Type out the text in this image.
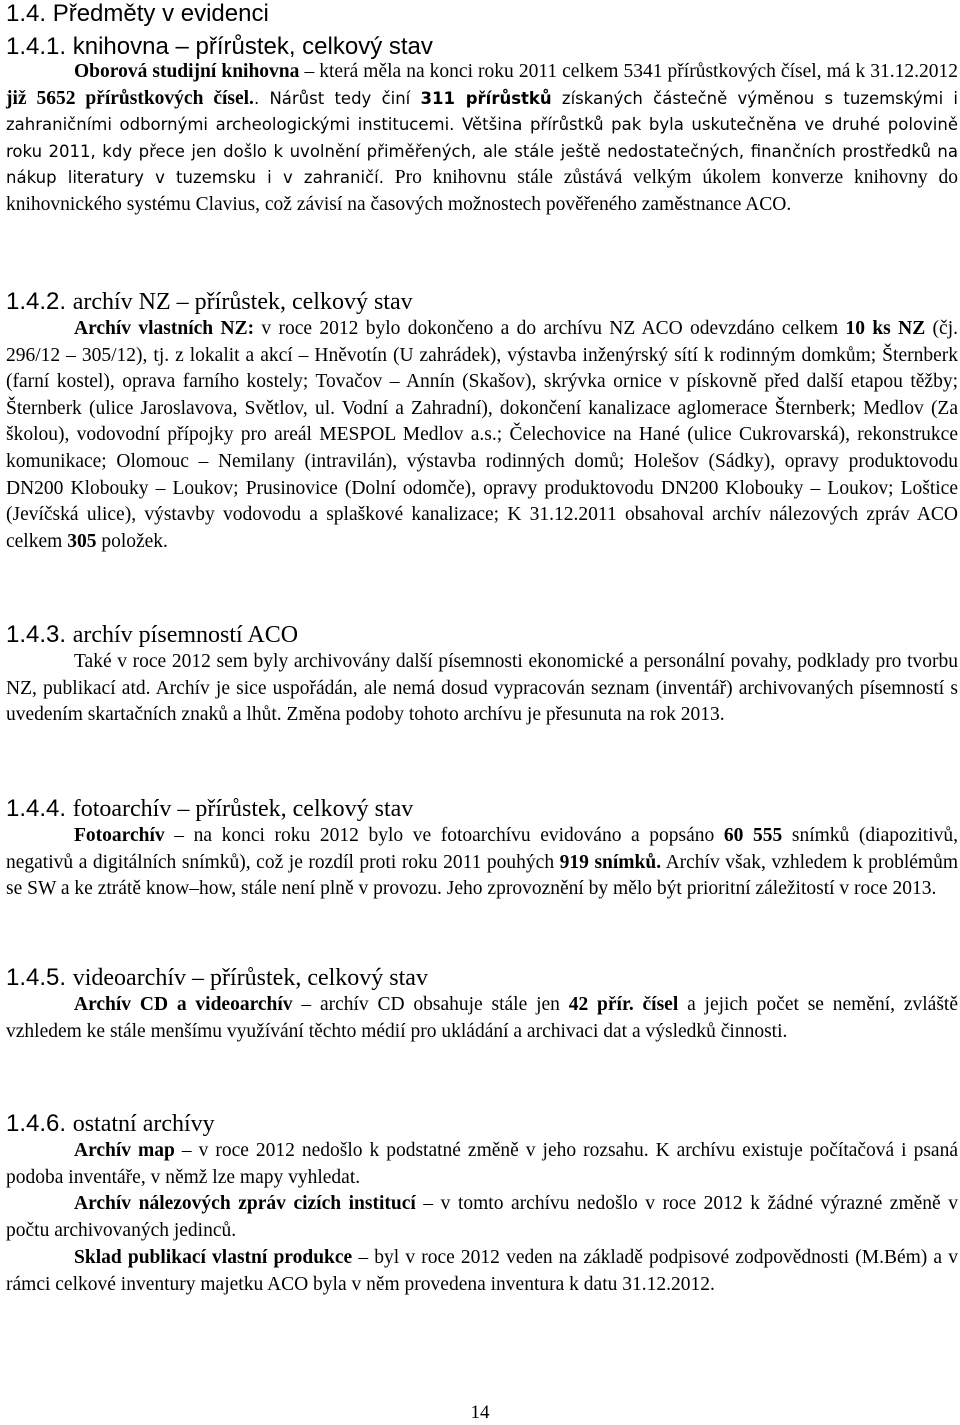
1.4. Předměty v evidenci
1.4.1. knihovna – přírůstek, celkový stav

Oborová studijní knihovna – která měla na konci roku 2011 celkem 5341 přírůstkových čísel, má k 31.12.2012 již 5652 přírůstkových čísel.. Nárůst tedy činí 311 přírůstků získaných částečně výměnou s tuzemskými i zahraničními odbornými archeologickými institucemi. Většina přírůstků pak byla uskutečněna ve druhé polovině roku 2011, kdy přece jen došlo k uvolnění přiměřených, ale stále ještě nedostatečných, finančních prostředků na nákup literatury v tuzemsku i v zahraničí. Pro knihovnu stále zůstává velkým úkolem konverze knihovny do knihovnického systému Clavius, což závisí na časových možnostech pověřeného zaměstnance ACO.

1.4.2. archív NZ – přírůstek, celkový stav

Archív vlastních NZ: v roce 2012 bylo dokončeno a do archívu NZ ACO odevzdáno celkem 10 ks NZ (čj. 296/12 – 305/12), tj. z lokalit a akcí – Hněvotín (U zahrádek), výstavba inženýrský sítí k rodinným domkům; Šternberk (farní kostel), oprava farního kostely; Tovačov – Annín (Skašov), skrývka ornice v pískovně před další etapou těžby; Šternberk (ulice Jaroslavova, Světlov, ul. Vodní a Zahradní), dokončení kanalizace aglomerace Šternberk; Medlov (Za školou), vodovodní přípojky pro areál MESPOL Medlov a.s.; Čelechovice na Hané (ulice Cukrovarská), rekonstrukce komunikace; Olomouc – Nemilany (intravilán), výstavba rodinných domů; Holešov (Sádky), opravy produktovodu DN200 Klobouky – Loukov; Prusinovice (Dolní odomče), opravy produktovodu DN200 Klobouky – Loukov; Loštice (Jevíčská ulice), výstavby vodovodu a splaškové kanalizace; K 31.12.2011 obsahoval archív nálezových zpráv ACO celkem 305 položek.

1.4.3. archív písemností ACO

Také v roce 2012 sem byly archivovány další písemnosti ekonomické a personální povahy, podklady pro tvorbu NZ, publikací atd. Archív je sice uspořádán, ale nemá dosud vypracován seznam (inventář) archivovaných písemností s uvedením skartačních znaků a lhůt. Změna podoby tohoto archívu je přesunuta na rok 2013.

1.4.4. fotoarchív – přírůstek, celkový stav

Fotoarchív – na konci roku 2012 bylo ve fotoarchívu evidováno a popsáno 60 555 snímků (diapozitivů, negativů a digitálních snímků), což je rozdíl proti roku 2011 pouhých 919 snímků. Archív však, vzhledem k problémům se SW a ke ztrátě know–how, stále není plně v provozu. Jeho zprovoznění by mělo být prioritní záležitostí v roce 2013.

1.4.5. videoarchív – přírůstek, celkový stav

Archív CD a videoarchív – archív CD obsahuje stále jen 42 přír. čísel a jejich počet se nemění, zvláště vzhledem ke stále menšímu využívání těchto médií pro ukládání a archivaci dat a výsledků činnosti.

1.4.6. ostatní archívy

Archív map – v roce 2012 nedošlo k podstatné změně v jeho rozsahu. K archívu existuje počítačová i psaná podoba inventáře, v němž lze mapy vyhledat.

Archív nálezových zpráv cizích institucí – v tomto archívu nedošlo v roce 2012 k žádné výrazné změně v počtu archivovaných jedinců.

Sklad publikací vlastní produkce – byl v roce 2012 veden na základě podpisové zodpovědnosti (M.Bém) a v rámci celkové inventury majetku ACO byla v něm provedena inventura k datu 31.12.2012.

14
